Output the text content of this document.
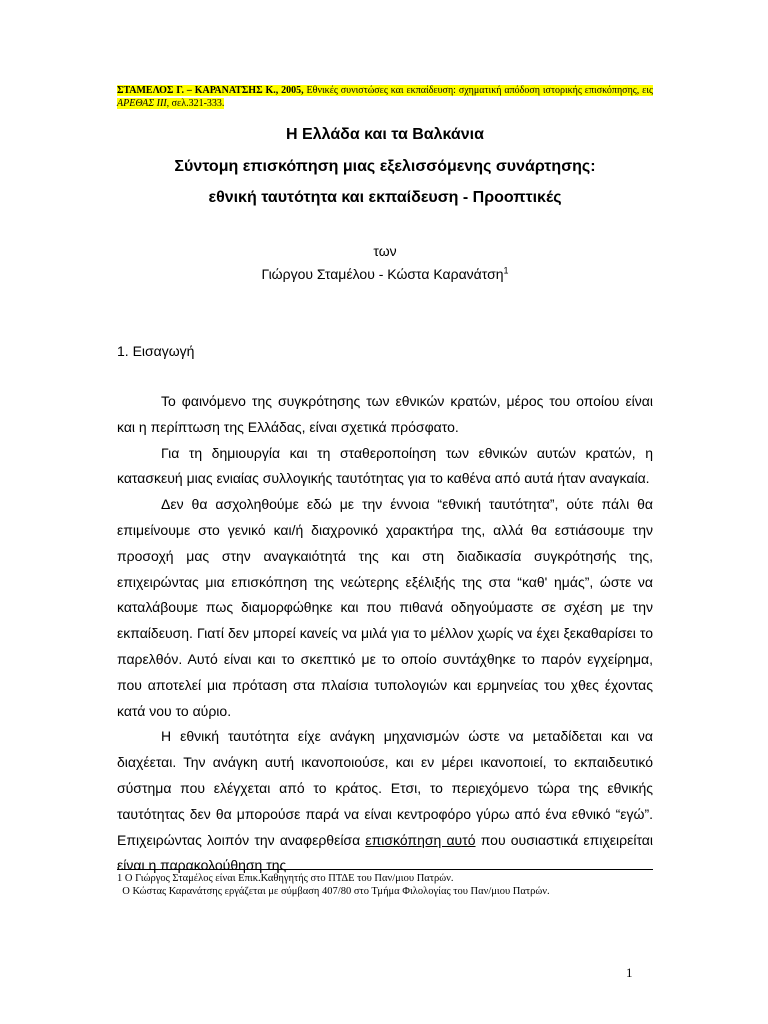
ΣΤΑΜΕΛΟΣ Γ. – ΚΑΡΑΝΑΤΣΗΣ Κ., 2005, Εθνικές συνιστώσες και εκπαίδευση: σχηματική απόδοση ιστορικής επισκόπησης, εις ΑΡΕΘΑΣ ΙΙΙ, σελ.321-333.
Η Ελλάδα και τα Βαλκάνια
Σύντομη επισκόπηση μιας εξελισσόμενης συνάρτησης:
εθνική ταυτότητα και εκπαίδευση - Προοπτικές
των
Γιώργου Σταμέλου - Κώστα Καρανάτση$^1$
1. Εισαγωγή

Το φαινόμενο της συγκρότησης των εθνικών κρατών, μέρος του οποίου είναι και η περίπτωση της Ελλάδας, είναι σχετικά πρόσφατο.

Για τη δημιουργία και τη σταθεροποίηση των εθνικών αυτών κρατών, η κατασκευή μιας ενιαίας συλλογικής ταυτότητας για το καθένα από αυτά ήταν αναγκαία.

Δεν θα ασχοληθούμε εδώ με την έννοια “εθνική ταυτότητα”, ούτε πάλι θα επιμείνουμε στο γενικό και/ή διαχρονικό χαρακτήρα της, αλλά θα εστιάσουμε την προσοχή μας στην αναγκαιότητά της και στη διαδικασία συγκρότησής της, επιχειρώντας μια επισκόπηση της νεώτερης εξέλιξής της στα “καθ' ημάς”, ώστε να καταλάβουμε πως διαμορφώθηκε και που πιθανά οδηγούμαστε σε σχέση με την εκπαίδευση. Γιατί δεν μπορεί κανείς να μιλά για το μέλλον χωρίς να έχει ξεκαθαρίσει το παρελθόν. Αυτό είναι και το σκεπτικό με το οποίο συντάχθηκε το παρόν εγχείρημα, που αποτελεί μια πρόταση στα πλαίσια τυπολογιών και ερμηνείας του χθες έχοντας κατά νου το αύριο.

Η εθνική ταυτότητα είχε ανάγκη μηχανισμών ώστε να μεταδίδεται και να διαχέεται. Την ανάγκη αυτή ικανοποιούσε, και εν μέρει ικανοποιεί, το εκπαιδευτικό σύστημα που ελέγχεται από το κράτος. Ετσι, το περιεχόμενο τώρα της εθνικής ταυτότητας δεν θα μπορούσε παρά να είναι κεντροφόρο γύρω από ένα εθνικό “εγώ”. Επιχειρώντας λοιπόν την αναφερθείσα επισκόπηση αυτό που ουσιαστικά επιχειρείται είναι η παρακολούθηση της

1 Ο Γιώργος Σταμέλος είναι Επικ.Καθηγητής στο ΠΤΔΕ του Παν/μιου Πατρών.
Ο Κώστας Καρανάτσης εργάζεται με σύμβαση 407/80 στο Τμήμα Φιλολογίας του Παν/μιου Πατρών.
1
